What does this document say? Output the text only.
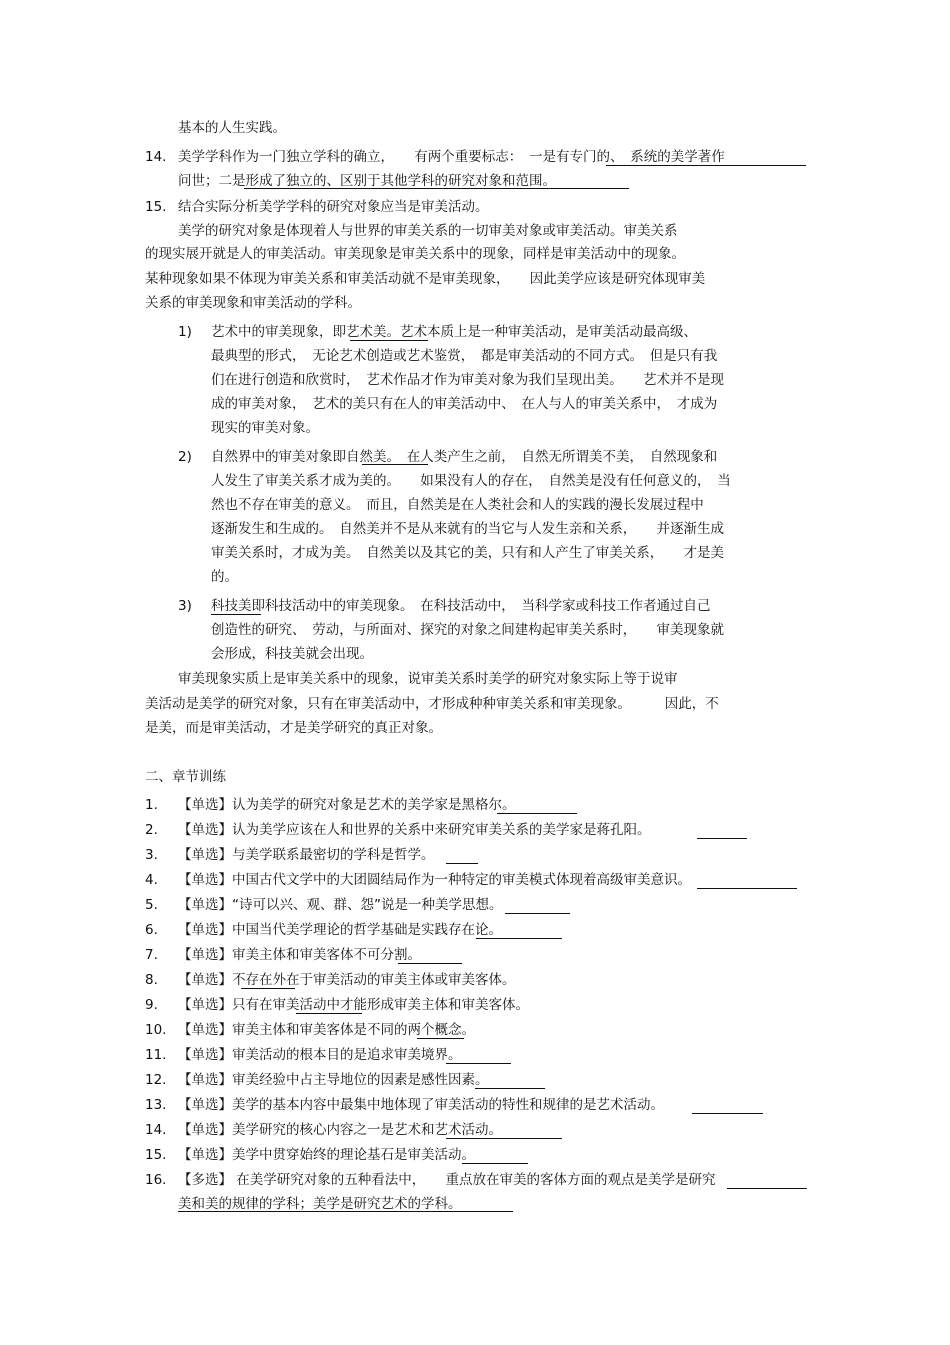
基本的人生实践。
14. 美学学科作为一门独立学科的确立，　　有两个重要标志：　一是有专门的、　系统的美学著作
问世；二是形成了独立的、区别于其他学科的研究对象和范围。
15. 结合实际分析美学学科的研究对象应当是审美活动。
美学的研究对象是体现着人与世界的审美关系的一切审美对象或审美活动。审美关系
的现实展开就是人的审美活动。审美现象是审美关系中的现象，同样是审美活动中的现象。
某种现象如果不体现为审美关系和审美活动就不是审美现象，　　因此美学应该是研究体现审美
关系的审美现象和审美活动的学科。
1) 艺术中的审美现象，即艺术美。艺术本质上是一种审美活动，是审美活动最高级、
最典型的形式，　无论艺术创造或艺术鉴赏，　都是审美活动的不同方式。　但是只有我
们在进行创造和欣赏时，　艺术作品才作为审美对象为我们呈现出美。　　艺术并不是现
成的审美对象，　艺术的美只有在人的审美活动中、　在人与人的审美关系中，　才成为
现实的审美对象。
2) 自然界中的审美对象即自然美。　在人类产生之前，　自然无所谓美不美，　自然现象和
人发生了审美关系才成为美的。　　如果没有人的存在，　自然美是没有任何意义的，　当
然也不存在审美的意义。　而且，自然美是在人类社会和人的实践的漫长发展过程中
逐渐发生和生成的。　自然美并不是从来就有的当它与人发生亲和关系，　　并逐渐生成
审美关系时，才成为美。　自然美以及其它的美，只有和人产生了审美关系，　　才是美
的。
3) 科技美即科技活动中的审美现象。　在科技活动中，　当科学家或科技工作者通过自己
创造性的研究、　劳动，与所面对、探究的对象之间建构起审美关系时，　　审美现象就
会形成，科技美就会出现。
审美现象实质上是审美关系中的现象，说审美关系时美学的研究对象实际上等于说审
美活动是美学的研究对象，只有在审美活动中，才形成种种审美关系和审美现象。　　　因此，不
是美，而是审美活动，才是美学研究的真正对象。
二、章节训练
1. 【单选】认为美学的研究对象是艺术的美学家是黑格尔。
2. 【单选】认为美学应该在人和世界的关系中来研究审美关系的美学家是蒋孔阳。
3. 【单选】与美学联系最密切的学科是哲学。
4. 【单选】中国古代文学中的大团圆结局作为一种特定的审美模式体现着高级审美意识。
5. 【单选】“诗可以兴、观、群、怨”说是一种美学思想。
6. 【单选】中国当代美学理论的哲学基础是实践存在论。
7. 【单选】审美主体和审美客体不可分割。
8. 【单选】不存在外在于审美活动的审美主体或审美客体。
9. 【单选】只有在审美活动中才能形成审美主体和审美客体。
10. 【单选】审美主体和审美客体是不同的两个概念。
11. 【单选】审美活动的根本目的是追求审美境界。
12. 【单选】审美经验中占主导地位的因素是感性因素。
13. 【单选】美学的基本内容中最集中地体现了审美活动的特性和规律的是艺术活动。
14. 【单选】美学研究的核心内容之一是艺术和艺术活动。
15. 【单选】美学中贯穿始终的理论基石是审美活动。
16. 【多选】 在美学研究对象的五种看法中，　　重点放在审美的客体方面的观点是美学是研究
美和美的规律的学科；美学是研究艺术的学科。
